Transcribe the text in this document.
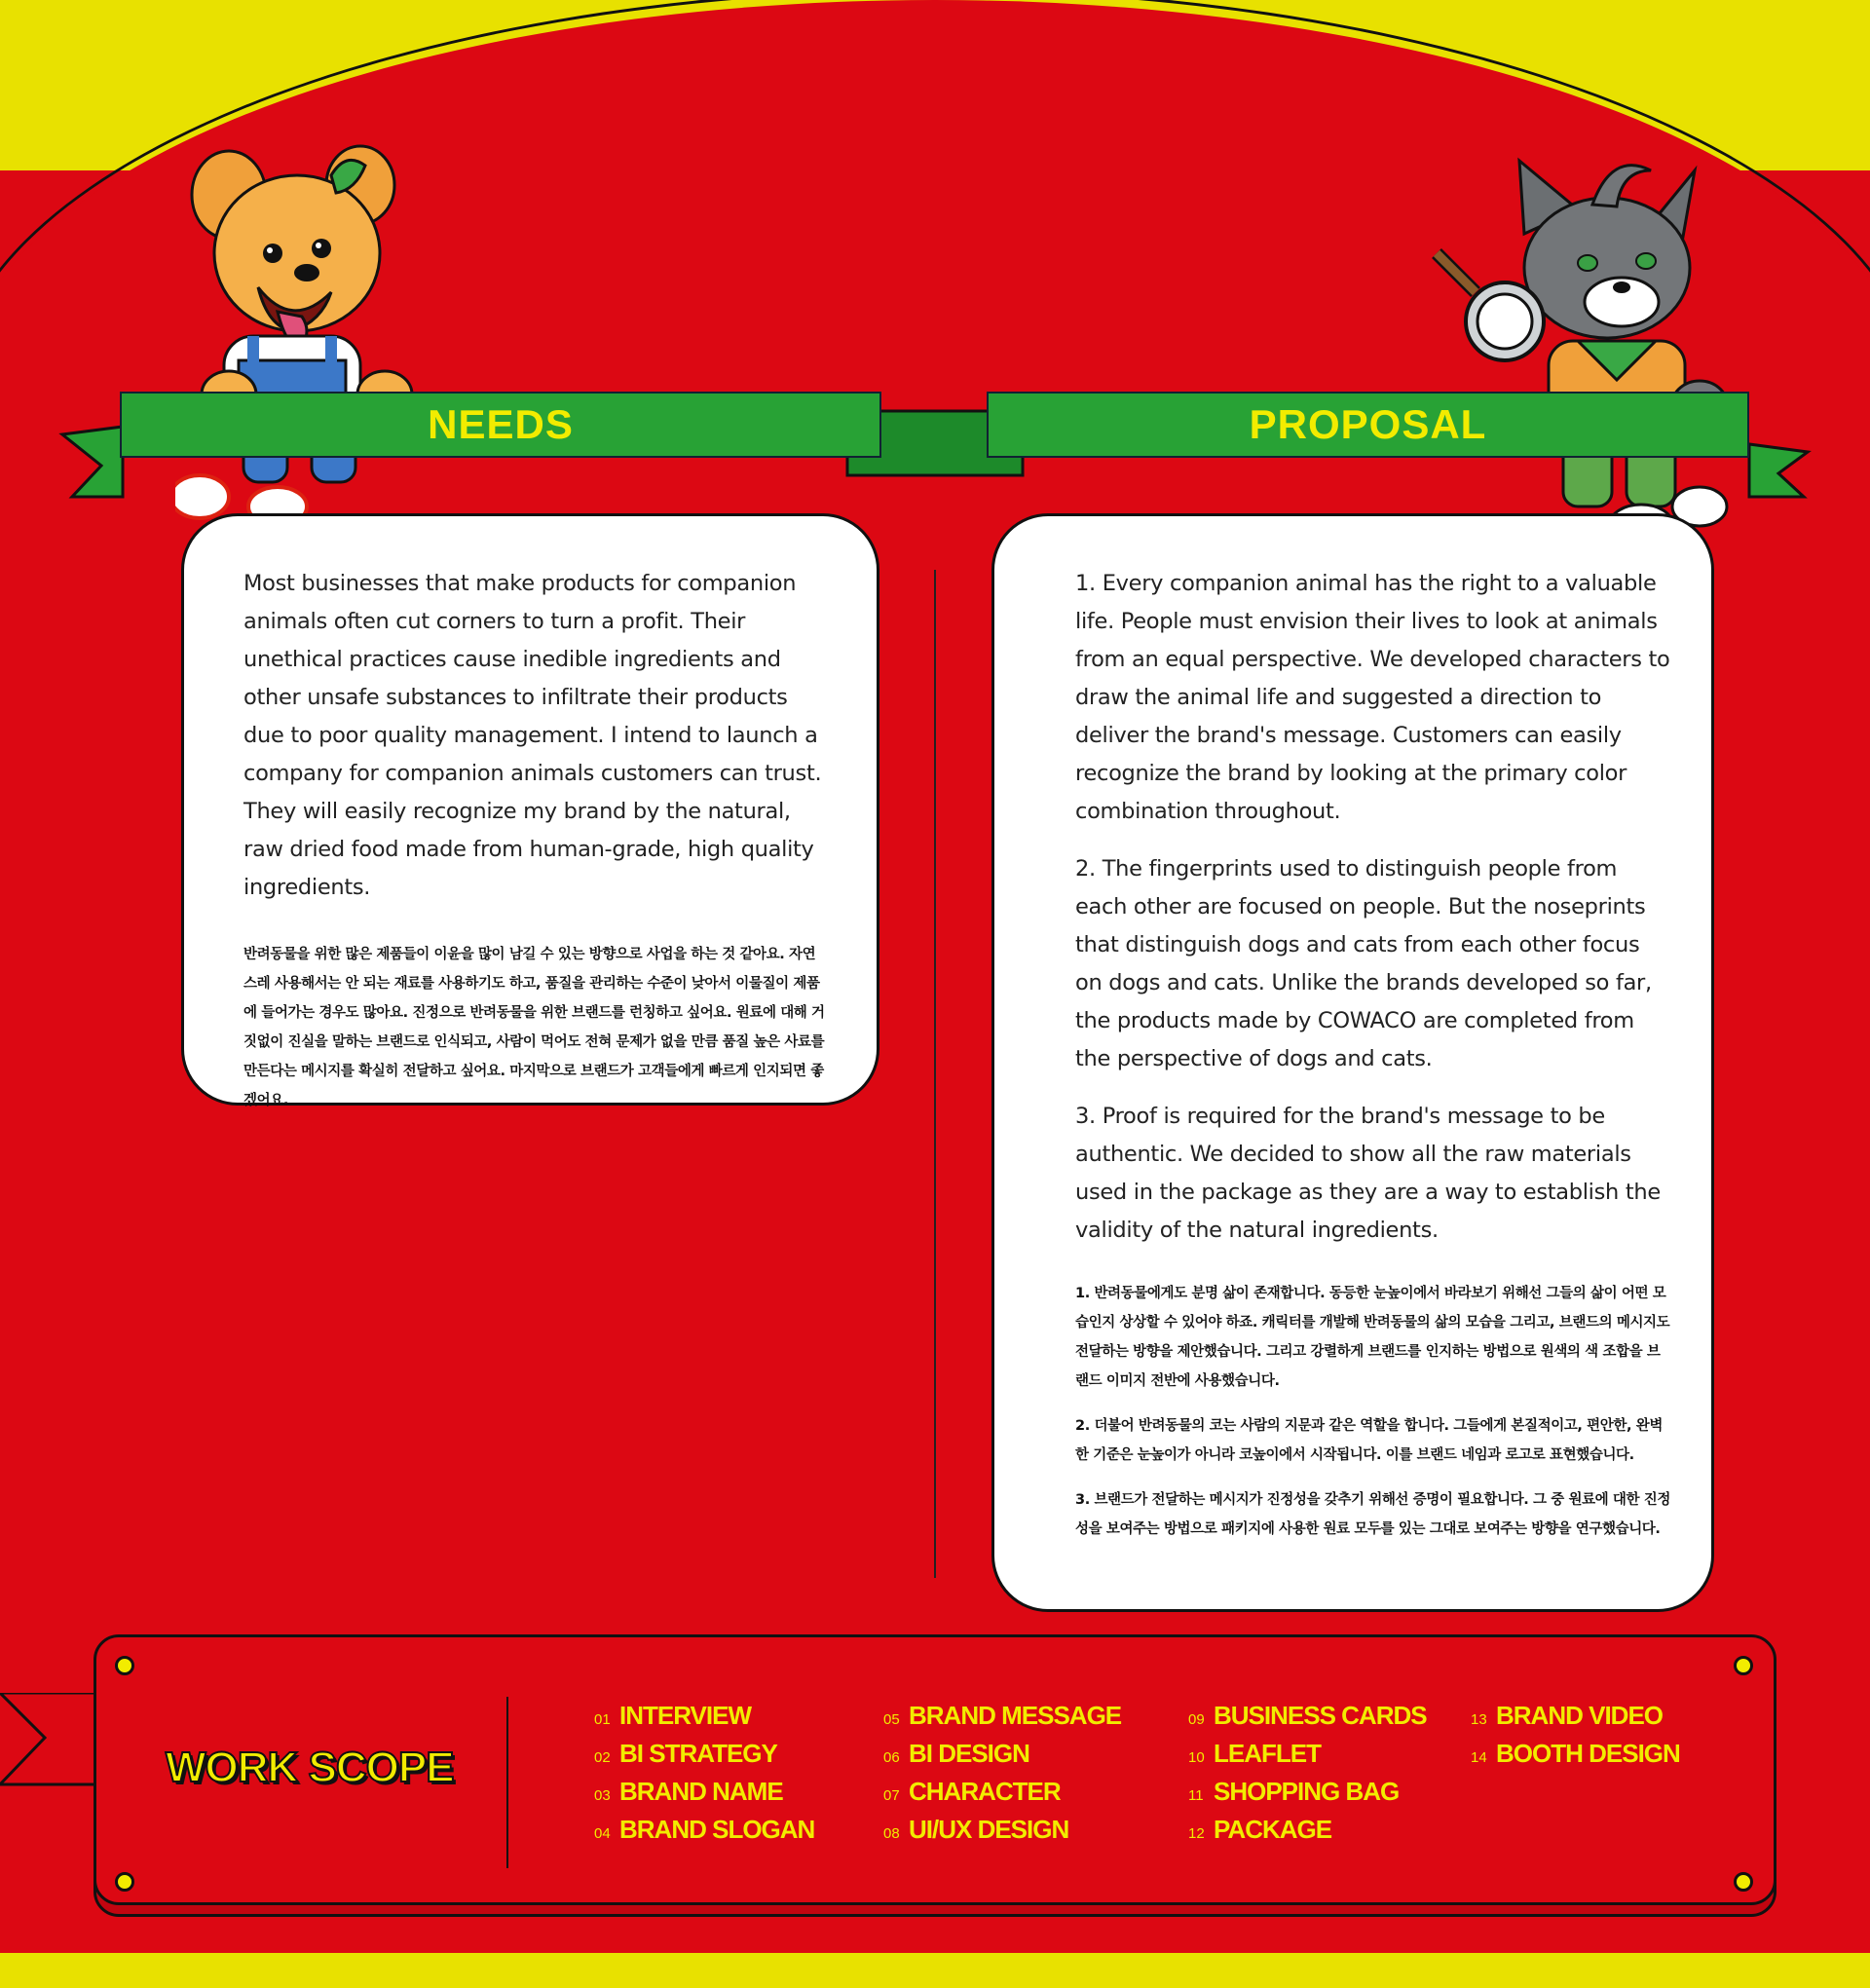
NEEDS	PROPOSAL

Most businesses that make products for companion animals often cut corners to turn a profit. Their unethical practices cause inedible ingredients and other unsafe substances to infiltrate their products due to poor quality management. I intend to launch a company for companion animals customers can trust. They will easily recognize my brand by the natural, raw dried food made from human-grade, high quality ingredients.

반려동물을 위한 많은 제품들이 이윤을 많이 남길 수 있는 방향으로 사업을 하는 것 같아요. 자연스레 사용해서는 안 되는 재료를 사용하기도 하고, 품질을 관리하는 수준이 낮아서 이물질이 제품에 들어가는 경우도 많아요. 진정으로 반려동물을 위한 브랜드를 런칭하고 싶어요. 원료에 대해 거짓없이 진실을 말하는 브랜드로 인식되고, 사람이 먹어도 전혀 문제가 없을 만큼 품질 높은 사료를 만든다는 메시지를 확실히 전달하고 싶어요. 마지막으로 브랜드가 고객들에게 빠르게 인지되면 좋겠어요.

1. Every companion animal has the right to a valuable life. People must envision their lives to look at animals from an equal perspective. We developed characters to draw the animal life and suggested a direction to deliver the brand's message. Customers can easily recognize the brand by looking at the primary color combination throughout.

2. The fingerprints used to distinguish people from each other are focused on people. But the noseprints that distinguish dogs and cats from each other focus on dogs and cats. Unlike the brands developed so far, the products made by COWACO are completed from the perspective of dogs and cats.

3. Proof is required for the brand's message to be authentic. We decided to show all the raw materials used in the package as they are a way to establish the validity of the natural ingredients.

1. 반려동물에게도 분명 삶이 존재합니다. 동등한 눈높이에서 바라보기 위해선 그들의 삶이 어떤 모습인지 상상할 수 있어야 하죠. 캐릭터를 개발해 반려동물의 삶의 모습을 그리고, 브랜드의 메시지도 전달하는 방향을 제안했습니다. 그리고 강렬하게 브랜드를 인지하는 방법으로 원색의 색 조합을 브랜드 이미지 전반에 사용했습니다.

2. 더불어 반려동물의 코는 사람의 지문과 같은 역할을 합니다. 그들에게 본질적이고, 편안한, 완벽한 기준은 눈높이가 아니라 코높이에서 시작됩니다. 이를 브랜드 네임과 로고로 표현했습니다.

3. 브랜드가 전달하는 메시지가 진정성을 갖추기 위해선 증명이 필요합니다. 그 중 원료에 대한 진정성을 보여주는 방법으로 패키지에 사용한 원료 모두를 있는 그대로 보여주는 방향을 연구했습니다.

WORK SCOPE
01 INTERVIEW
02 BI STRATEGY
03 BRAND NAME
04 BRAND SLOGAN
05 BRAND MESSAGE
06 BI DESIGN
07 CHARACTER
08 UI/UX DESIGN
09 BUSINESS CARDS
10 LEAFLET
11 SHOPPING BAG
12 PACKAGE
13 BRAND VIDEO
14 BOOTH DESIGN
